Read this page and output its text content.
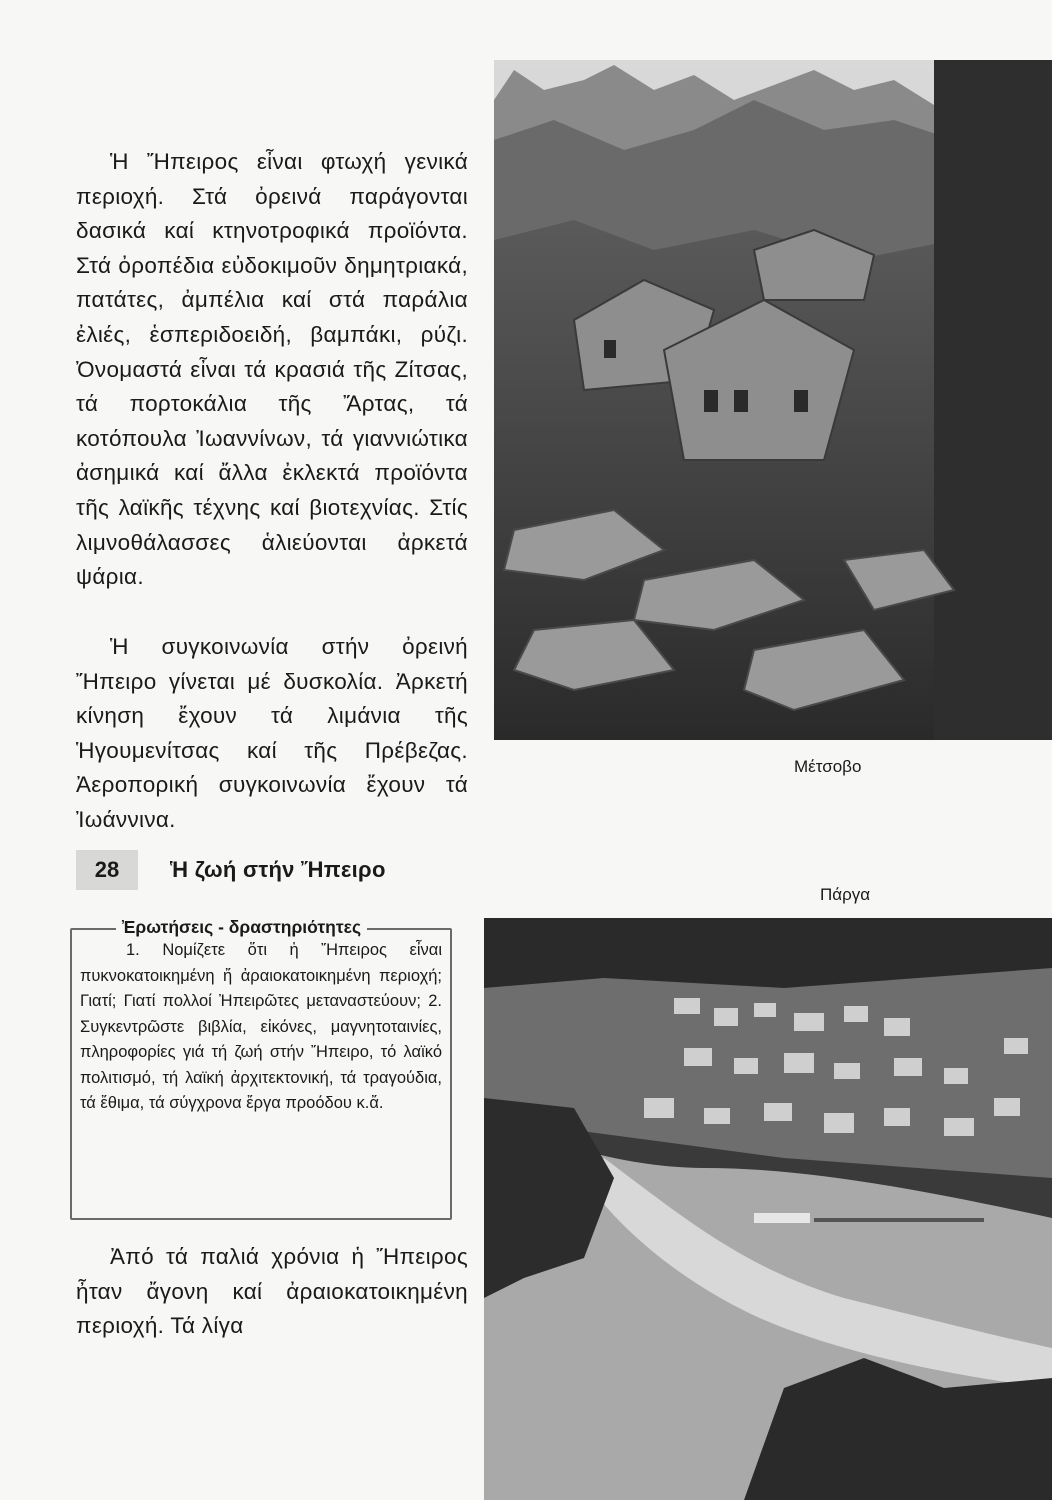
Ἡ Ἤπειρος εἶναι φτωχή γενικά περιοχή. Στά ὀρεινά παράγονται δασικά καί κτηνοτροφικά προϊόντα. Στά ὀροπέδια εὐδοκιμοῦν δημητριακά, πατάτες, ἀμπέλια καί στά παράλια ἐλιές, ἑσπεριδοειδή, βαμπάκι, ρύζι. Ὀνομαστά εἶναι τά κρασιά τῆς Ζίτσας, τά πορτοκάλια τῆς Ἄρτας, τά κοτόπουλα Ἰωαννίνων, τά γιαννιώτικα ἀσημικά καί ἄλλα ἐκλεκτά προϊόντα τῆς λαϊκῆς τέχνης καί βιοτεχνίας. Στίς λιμνοθάλασσες ἁλιεύονται ἀρκετά ψάρια.

Ἡ συγκοινωνία στήν ὀρεινή Ἤπειρο γίνεται μέ δυσκολία. Ἀρκετή κίνηση ἔχουν τά λιμάνια τῆς Ἡγουμενίτσας καί τῆς Πρέβεζας. Ἀεροπορική συγκοινωνία ἔχουν τά Ἰωάννινα.

28	Ἡ ζωή στήν Ἤπειρο
Ἐρωτήσεις - δραστηριότητες

1. Νομίζετε ὅτι ἡ Ἤπειρος εἶναι πυκνοκατοικημένη ἤ ἀραιοκατοικημένη περιοχή; Γιατί; Γιατί πολλοί Ἠπειρῶτες μεταναστεύουν; 2. Συγκεντρῶστε βιβλία, εἰκόνες, μαγνητοταινίες, πληροφορίες γιά τή ζωή στήν Ἤπειρο, τό λαϊκό πολιτισμό, τή λαϊκή ἀρχιτεκτονική, τά τραγούδια, τά ἔθιμα, τά σύγχρονα ἔργα προόδου κ.ἄ.

Ἀπό τά παλιά χρόνια ἡ Ἤπειρος ἦταν ἄγονη καί ἀραιοκατοικημένη περιοχή. Τά λίγα

Μέτσοβο
Πάργα
